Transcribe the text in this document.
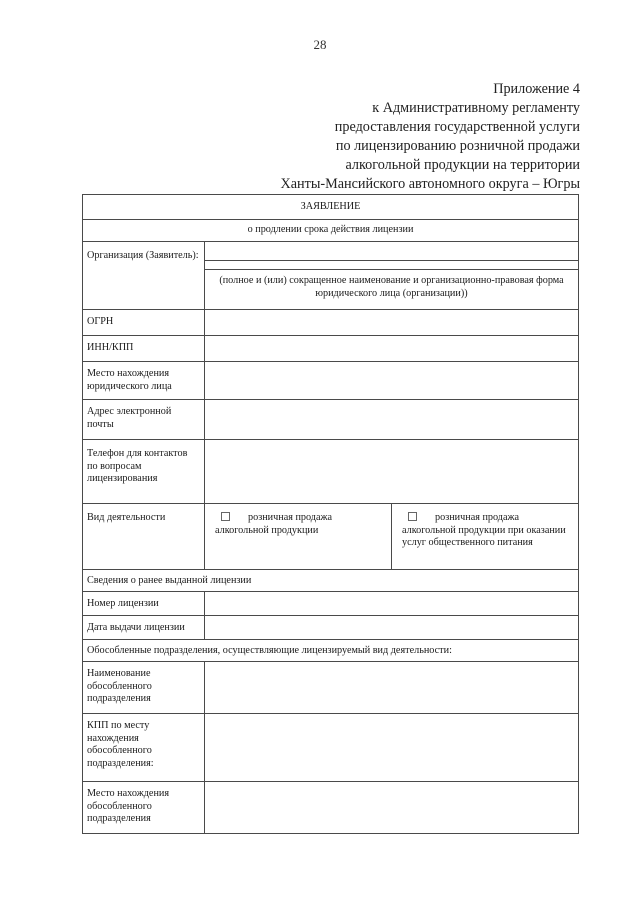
28
Приложение 4
к Административному регламенту
предоставления государственной услуги
по лицензированию розничной продажи
алкогольной продукции на территории
Ханты-Мансийского автономного округа – Югры
ЗАЯВЛЕНИЕ		
о продлении срока действия лицензии		
Организация (Заявитель):		

	(полное и (или) сокращенное наименование и организационно-правовая форма юридического лица (организации))	
ОГРН		
ИНН/КПП		
Место нахождения юридического лица		
Адрес электронной почты		
Телефон для контактов по вопросам лицензирования		
Вид деятельности	розничная продажа алкогольной продукции	розничная продажа алкогольной продукции при оказании услуг общественного питания
Сведения о ранее выданной лицензии		
Номер лицензии		
Дата выдачи лицензии		
Обособленные подразделения, осуществляющие лицензируемый вид деятельности:		
Наименование обособленного подразделения		
КПП по месту нахождения обособленного подразделения:		
Место нахождения обособленного подразделения		
